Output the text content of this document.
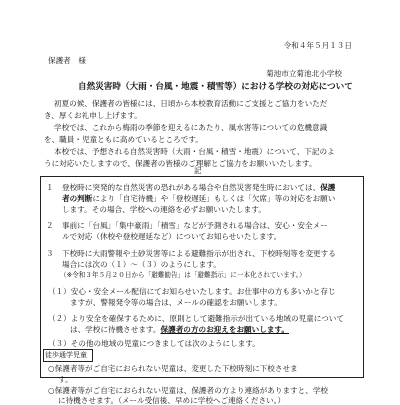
令和４年５月１３日
保護者　様
菊池市立菊池北小学校
自然災害時（大雨・台風・地震・積雪等）における学校の対応について
初夏の候、保護者の皆様には、日頃から本校教育活動にご支援とご協力をいただ
き、厚くお礼申し上げます。
学校では、これから梅雨の季節を迎えるにあたり、風水害等についての危機意識
を、職員・児童ともに高めているところです。
本校では、予想される自然災害時（大雨・台風・積雪・地震）について、下記のよ
うに対応いたしますので、保護者の皆様のご理解とご協力をお願いいたします。
記
１ 登校時に突発的な自然災害の恐れがある場合や自然災害発生時においては、保護
者の判断により「自宅待機」や「登校遅延」もしくは「欠席」等の対応をお願い
します。その場合、学校への連絡を必ずお願いいたします。
２ 事前に「台風」「集中豪雨」「積雪」などが予測される場合は、安心・安全メー
ルで対応（休校や登校遅延など）についてお知らせいたします。
３ 下校時に大雨警報や土砂災害等による避難指示が出され、下校時刻等を変更する
場合には次の（１）～（３）のようにします。
（※令和３年５月２０日から「避難勧告」は「避難指示」に一本化されています。）
（１）安心・安全メール配信にてお知らせいたします。お仕事中の方も多いかと存じ
ますが、警報発令等の場合は、メールの確認をお願いします。
（２）より安全を確保するために、原則として避難指示が出ている地域の児童について
は、学校に待機させます。保護者の方のお迎えをお願いします。
（３）その他の地域の児童につきましては次のようにします。
徒歩通学児童
○保護者等がご自宅におられない児童は、変更した下校時刻に下校させま
す。
○保護者等がご自宅におられない児童は、保護者の方より連絡がありますと、学校
に待機させます。（メール受信後、早めに学校へご連絡ください。）
